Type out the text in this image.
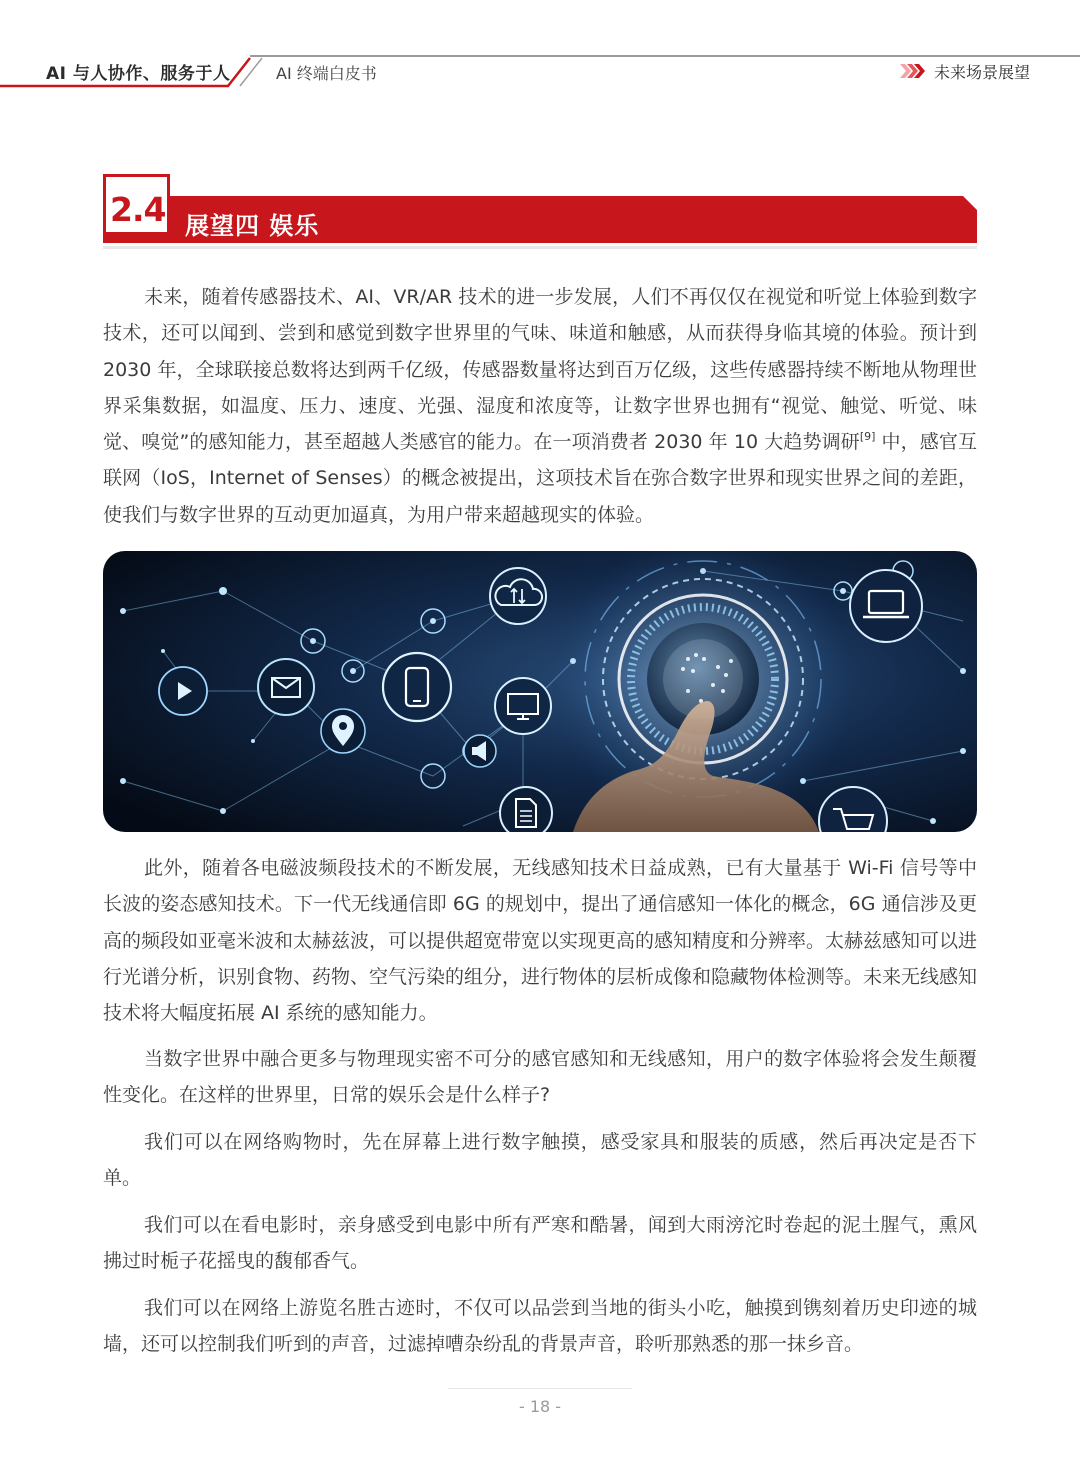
AI 与人协作、服务于人	AI 终端白皮书	未来场景展望
2.4 展望四 娱乐

未来，随着传感器技术、AI、VR/AR 技术的进一步发展，人们不再仅仅在视觉和听觉上体验到数字技术，还可以闻到、尝到和感觉到数字世界里的气味、味道和触感，从而获得身临其境的体验。预计到 2030 年，全球联接总数将达到两千亿级，传感器数量将达到百万亿级，这些传感器持续不断地从物理世界采集数据，如温度、压力、速度、光强、湿度和浓度等，让数字世界也拥有“视觉、触觉、听觉、味觉、嗅觉”的感知能力，甚至超越人类感官的能力。在一项消费者 2030 年 10 大趋势调研[9] 中，感官互联网（IoS，Internet of Senses）的概念被提出，这项技术旨在弥合数字世界和现实世界之间的差距，使我们与数字世界的互动更加逼真，为用户带来超越现实的体验。

此外，随着各电磁波频段技术的不断发展，无线感知技术日益成熟，已有大量基于 Wi-Fi 信号等中长波的姿态感知技术。下一代无线通信即 6G 的规划中，提出了通信感知一体化的概念，6G 通信涉及更高的频段如亚毫米波和太赫兹波，可以提供超宽带宽以实现更高的感知精度和分辨率。太赫兹感知可以进行光谱分析，识别食物、药物、空气污染的组分，进行物体的层析成像和隐藏物体检测等。未来无线感知技术将大幅度拓展 AI 系统的感知能力。

当数字世界中融合更多与物理现实密不可分的感官感知和无线感知，用户的数字体验将会发生颠覆性变化。在这样的世界里，日常的娱乐会是什么样子?

我们可以在网络购物时，先在屏幕上进行数字触摸，感受家具和服装的质感，然后再决定是否下单。

我们可以在看电影时，亲身感受到电影中所有严寒和酷暑，闻到大雨滂沱时卷起的泥土腥气，熏风拂过时栀子花摇曳的馥郁香气。

我们可以在网络上游览名胜古迹时，不仅可以品尝到当地的街头小吃，触摸到镌刻着历史印迹的城墙，还可以控制我们听到的声音，过滤掉嘈杂纷乱的背景声音，聆听那熟悉的那一抹乡音。

- 18 -
